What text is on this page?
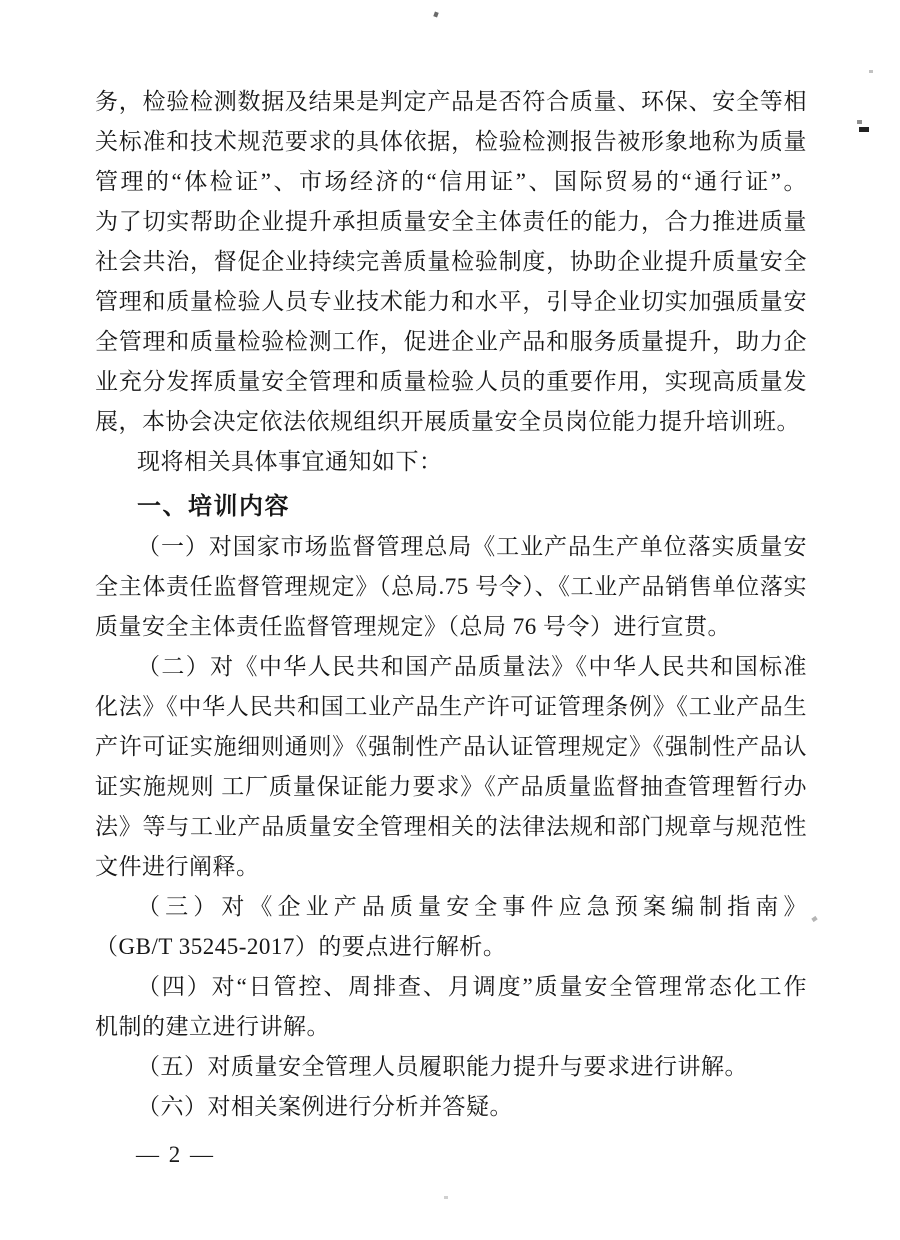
务，检验检测数据及结果是判定产品是否符合质量、环保、安全等相
关标准和技术规范要求的具体依据，检验检测报告被形象地称为质量
管理的“体检证”、市场经济的“信用证”、国际贸易的“通行证”。
为了切实帮助企业提升承担质量安全主体责任的能力，合力推进质量
社会共治，督促企业持续完善质量检验制度，协助企业提升质量安全
管理和质量检验人员专业技术能力和水平，引导企业切实加强质量安
全管理和质量检验检测工作，促进企业产品和服务质量提升，助力企
业充分发挥质量安全管理和质量检验人员的重要作用，实现高质量发
展，本协会决定依法依规组织开展质量安全员岗位能力提升培训班。
现将相关具体事宜通知如下：
一、培训内容
（一）对国家市场监督管理总局《工业产品生产单位落实质量安
全主体责任监督管理规定》（总局.75 号令）、《工业产品销售单位落实
质量安全主体责任监督管理规定》（总局 76 号令）进行宣贯。
（二）对《中华人民共和国产品质量法》《中华人民共和国标准
化法》《中华人民共和国工业产品生产许可证管理条例》《工业产品生
产许可证实施细则通则》《强制性产品认证管理规定》《强制性产品认
证实施规则 工厂质量保证能力要求》《产品质量监督抽查管理暂行办
法》等与工业产品质量安全管理相关的法律法规和部门规章与规范性
文件进行阐释。
（三）对《企业产品质量安全事件应急预案编制指南》
（GB/T 35245-2017）的要点进行解析。
（四）对“日管控、周排查、月调度”质量安全管理常态化工作
机制的建立进行讲解。
（五）对质量安全管理人员履职能力提升与要求进行讲解。
（六）对相关案例进行分析并答疑。
— 2 —
